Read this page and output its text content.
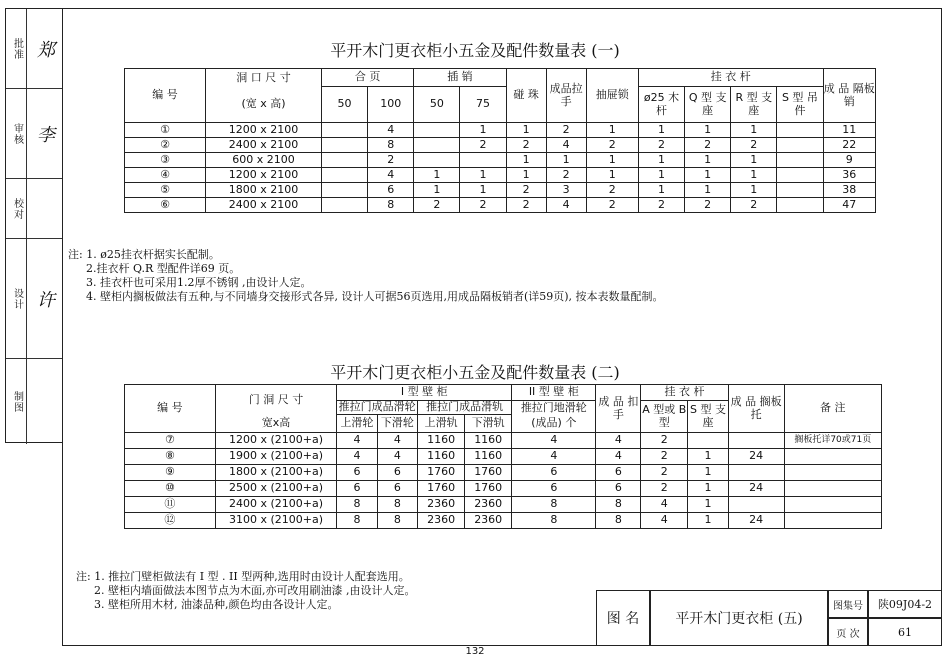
批准 郑
审核 李
校对
设计 许
制图
平开木门更衣柜小五金及配件数量表 (一)
编 号	洞 口 尺 寸	合 页		插 销		碰 珠	成品拉手	抽屉锁	挂 衣 杆				成 品 隔板销
	(宽 x 高)	50	100	50	75				ø25 木杆	Q 型 支座	R 型 支座	S 型 吊件	
①	1200 x 2100		4		1	1	2	1	1	1	1		11
②	2400 x 2100		8		2	2	4	2	2	2	2		22
③	600 x 2100		2			1	1	1	1	1	1		9
④	1200 x 2100		4	1	1	1	2	1	1	1	1		36
⑤	1800 x 2100		6	1	1	2	3	2	1	1	1		38
⑥	2400 x 2100		8	2	2	2	4	2	2	2	2		47
注: 1. ø25挂衣杆据实长配制。
2.挂衣杆 Q.R 型配件详69 页。
3. 挂衣杆也可采用1.2厚不锈钢 ,由设计人定。
4. 壁柜内搁板做法有五种,与不同墙身交接形式各异, 设计人可据56页选用,用成品隔板销者(详59页), 按本表数量配制。
平开木门更衣柜小五金及配件数量表 (二)
编 号	门 洞 尺 寸	I 型 壁 柜				II 型 壁 柜	成 品 扣 手	挂 衣 杆		成 品 搁板托	备 注
		推拉门成品滑轮		推拉门成品滑轨		推拉门地滑轮		A 型或 B 型	S 型 支 座		
	宽x高	上滑轮	下滑轮	上滑轨	下滑轨	(成品) 个					
⑦	1200 x (2100+a)	4	4	1160	1160	4	4	2			搁板托详70或71页
⑧	1900 x (2100+a)	4	4	1160	1160	4	4	2	1	24	
⑨	1800 x (2100+a)	6	6	1760	1760	6	6	2	1		
⑩	2500 x (2100+a)	6	6	1760	1760	6	6	2	1	24	
⑪	2400 x (2100+a)	8	8	2360	2360	8	8	4	1		
⑫	3100 x (2100+a)	8	8	2360	2360	8	8	4	1	24	
注: 1. 推拉门壁柜做法有 I 型 . II 型两种,选用时由设计人配套选用。
2. 壁柜内墙面做法本图节点为木面,亦可改用刷油漆 ,由设计人定。
3. 壁柜所用木材, 油漆品种,颜色均由各设计人定。
图 名	平开木门更衣柜 (五)
图集号	陕09J04-2
页 次	61
132
